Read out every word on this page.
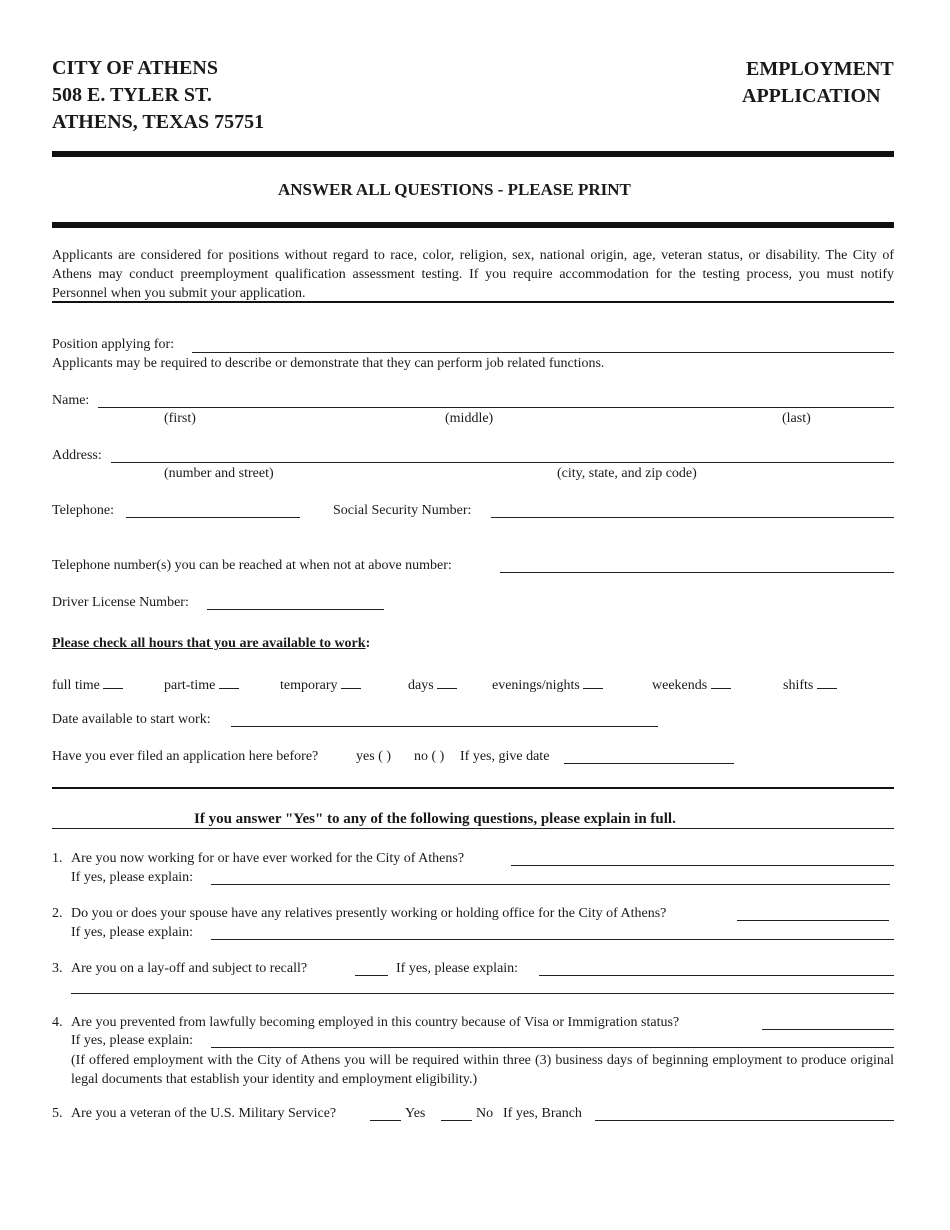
CITY OF ATHENS
508 E. TYLER ST.
ATHENS, TEXAS 75751
EMPLOYMENT
APPLICATION
ANSWER ALL QUESTIONS - PLEASE PRINT
Applicants are considered for positions without regard to race, color, religion, sex, national origin, age, veteran status, or disability. The City of Athens may conduct preemployment qualification assessment testing. If you require accommodation for the testing process, you must notify Personnel when you submit your application.
Position applying for:
Applicants may be required to describe or demonstrate that they can perform job related functions.
Name:
(first)	(middle)	(last)
Address:
(number and street)	(city, state, and zip code)
Telephone:	Social Security Number:
Telephone number(s) you can be reached at when not at above number:
Driver License Number:
Please check all hours that you are available to work:
full time	part-time	temporary	days	evenings/nights	weekends	shifts
Date available to start work:
Have you ever filed an application here before?	yes ( ) no ( ) If yes, give date
If you answer "Yes" to any of the following questions, please explain in full.
1. Are you now working for or have ever worked for the City of Athens?
If yes, please explain:
2. Do you or does your spouse have any relatives presently working or holding office for the City of Athens?
If yes, please explain:
3. Are you on a lay-off and subject to recall?	If yes, please explain:
4. Are you prevented from lawfully becoming employed in this country because of Visa or Immigration status?
If yes, please explain:
(If offered employment with the City of Athens you will be required within three (3) business days of beginning employment to produce original legal documents that establish your identity and employment eligibility.)
5. Are you a veteran of the U.S. Military Service?	Yes	No If yes, Branch
